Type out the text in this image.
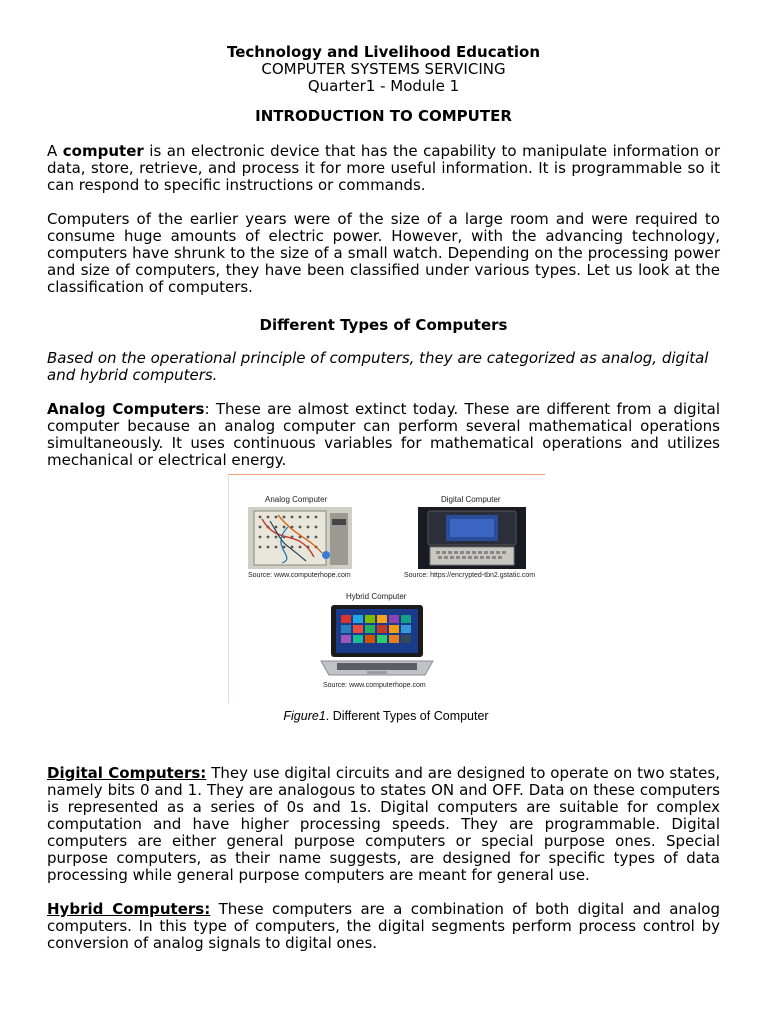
Technology and Livelihood Education
COMPUTER SYSTEMS SERVICING
Quarter1 - Module 1
INTRODUCTION TO COMPUTER

A computer is an electronic device that has the capability to manipulate information or data, store, retrieve, and process it for more useful information. It is programmable so it can respond to specific instructions or commands.

Computers of the earlier years were of the size of a large room and were required to consume huge amounts of electric power. However, with the advancing technology, computers have shrunk to the size of a small watch. Depending on the processing power and size of computers, they have been classified under various types. Let us look at the classification of computers.

Different Types of Computers

Based on the operational principle of computers, they are categorized as analog, digital and hybrid computers.

Analog Computers: These are almost extinct today. These are different from a digital computer because an analog computer can perform several mathematical operations simultaneously. It uses continuous variables for mathematical operations and utilizes mechanical or electrical energy.

Analog Computer
Source: www.computerhope.com
Digital Computer
Source: https://encrypted-tbn2.gstatic.com
Hybrid Computer
Source: www.computerhope.com
Figure1. Different Types of Computer

Digital Computers: They use digital circuits and are designed to operate on two states, namely bits 0 and 1. They are analogous to states ON and OFF. Data on these computers is represented as a series of 0s and 1s. Digital computers are suitable for complex computation and have higher processing speeds. They are programmable. Digital computers are either general purpose computers or special purpose ones. Special purpose computers, as their name suggests, are designed for specific types of data processing while general purpose computers are meant for general use.

Hybrid Computers: These computers are a combination of both digital and analog computers. In this type of computers, the digital segments perform process control by conversion of analog signals to digital ones.
